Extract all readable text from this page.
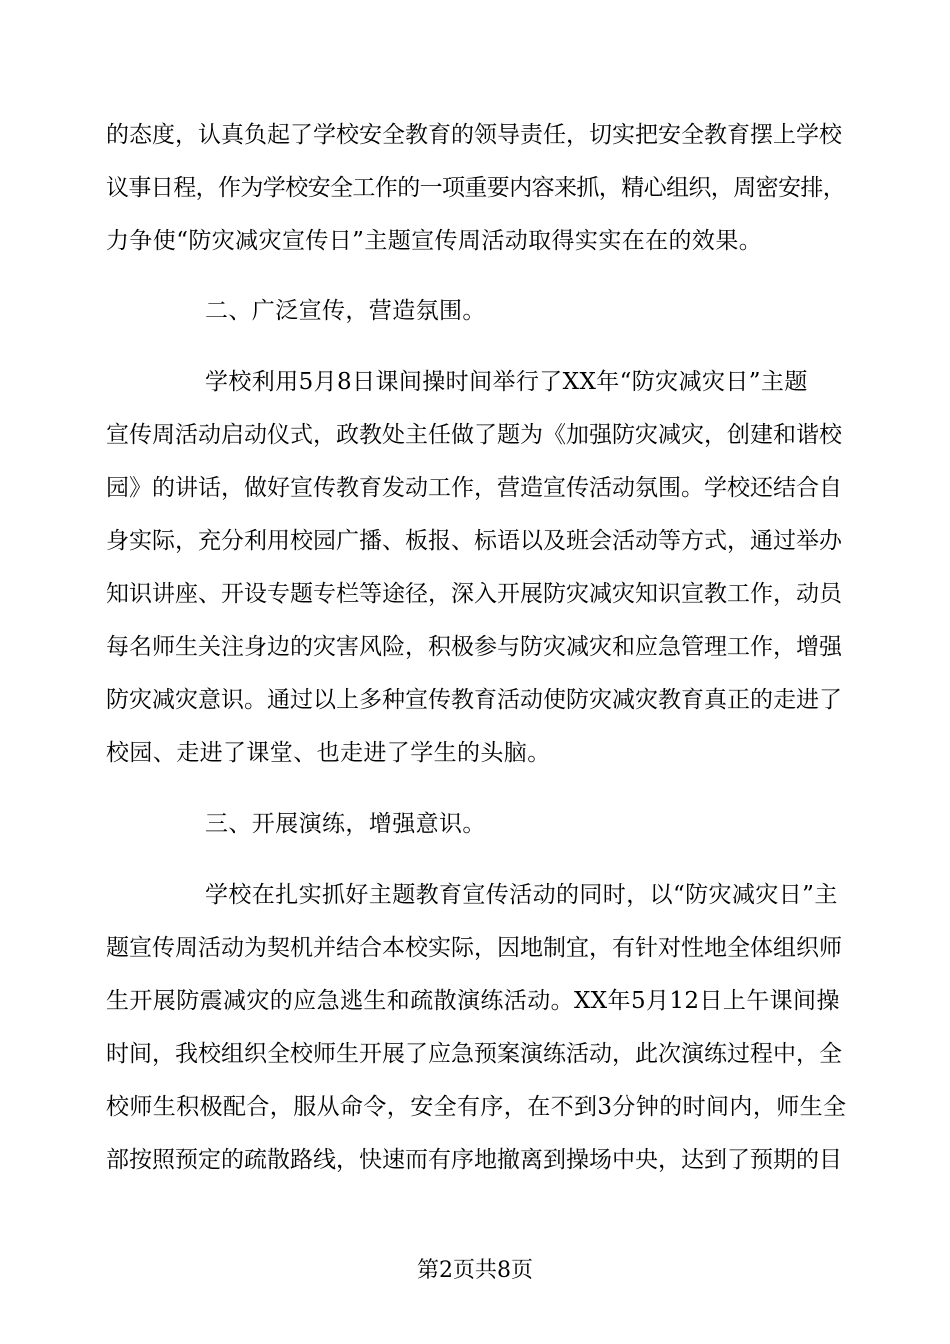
的态度，认真负起了学校安全教育的领导责任，切实把安全教育摆上学校
议事日程，作为学校安全工作的一项重要内容来抓，精心组织，周密安排，
力争使“防灾减灾宣传日”主题宣传周活动取得实实在在的效果。
二、广泛宣传，营造氛围。
学校利用5月8日课间操时间举行了XX年“防灾减灾日”主题
宣传周活动启动仪式，政教处主任做了题为《加强防灾减灾，创建和谐校
园》的讲话，做好宣传教育发动工作，营造宣传活动氛围。学校还结合自
身实际，充分利用校园广播、板报、标语以及班会活动等方式，通过举办
知识讲座、开设专题专栏等途径，深入开展防灾减灾知识宣教工作，动员
每名师生关注身边的灾害风险，积极参与防灾减灾和应急管理工作，增强
防灾减灾意识。通过以上多种宣传教育活动使防灾减灾教育真正的走进了
校园、走进了课堂、也走进了学生的头脑。
三、开展演练，增强意识。
学校在扎实抓好主题教育宣传活动的同时，以“防灾减灾日”主
题宣传周活动为契机并结合本校实际，因地制宜，有针对性地全体组织师
生开展防震减灾的应急逃生和疏散演练活动。XX年5月12日上午课间操
时间，我校组织全校师生开展了应急预案演练活动，此次演练过程中，全
校师生积极配合，服从命令，安全有序，在不到3分钟的时间内，师生全
部按照预定的疏散路线，快速而有序地撤离到操场中央，达到了预期的目
第2页共8页
